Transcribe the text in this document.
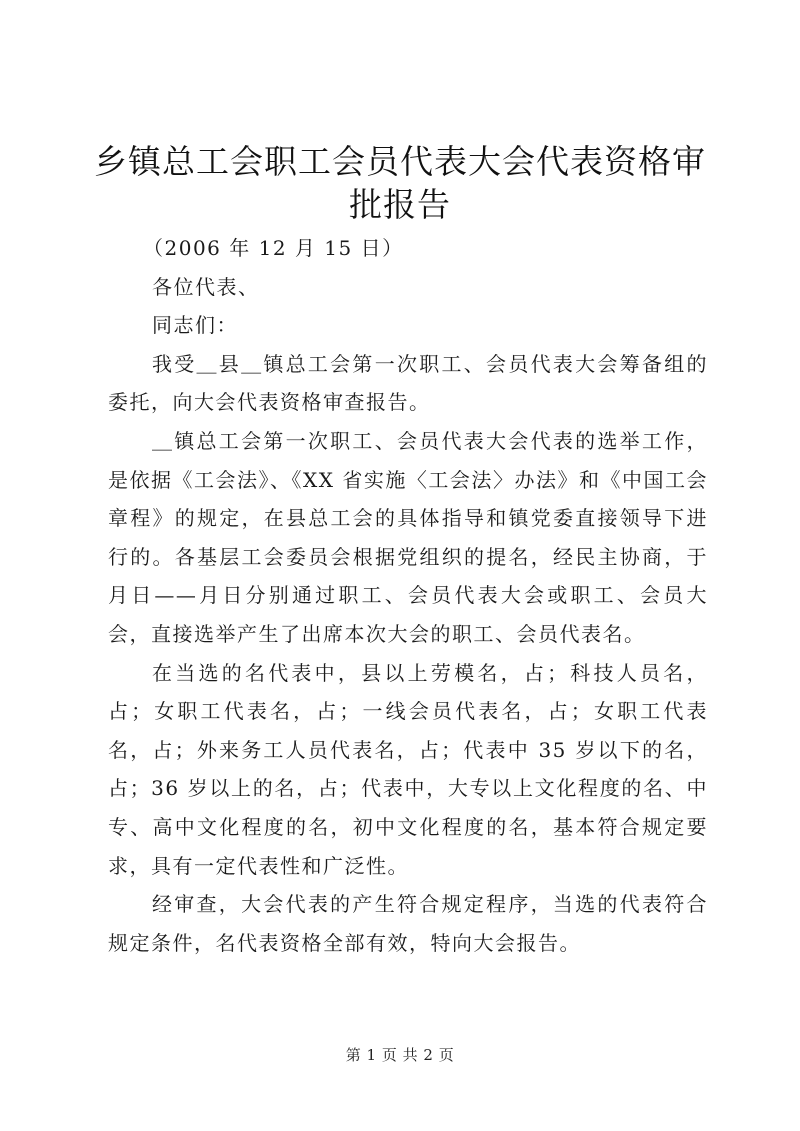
乡镇总工会职工会员代表大会代表资格审批报告

（2006 年 12 月 15 日）

各位代表、

同志们：

我受＿县＿镇总工会第一次职工、会员代表大会筹备组的委托，向大会代表资格审查报告。

＿镇总工会第一次职工、会员代表大会代表的选举工作，是依据《工会法》、《XX 省实施〈工会法〉办法》和《中国工会章程》的规定，在县总工会的具体指导和镇党委直接领导下进行的。各基层工会委员会根据党组织的提名，经民主协商，于月日——月日分别通过职工、会员代表大会或职工、会员大会，直接选举产生了出席本次大会的职工、会员代表名。

在当选的名代表中，县以上劳模名，占；科技人员名，占；女职工代表名，占；一线会员代表名，占；女职工代表名，占；外来务工人员代表名，占；代表中 35 岁以下的名，占；36 岁以上的名，占；代表中，大专以上文化程度的名、中专、高中文化程度的名，初中文化程度的名，基本符合规定要求，具有一定代表性和广泛性。

经审查，大会代表的产生符合规定程序，当选的代表符合规定条件，名代表资格全部有效，特向大会报告。

第 1 页 共 2 页
